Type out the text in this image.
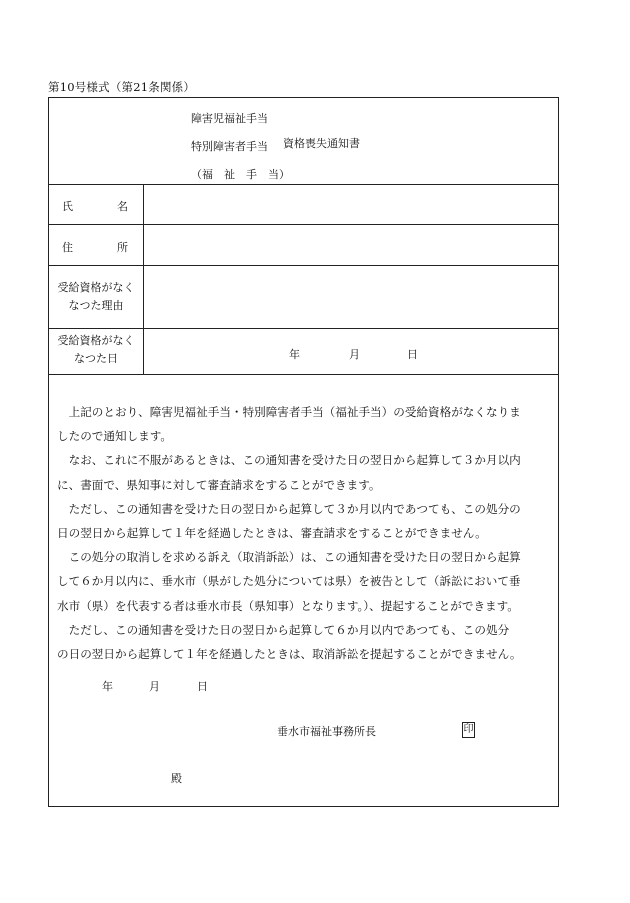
第10号様式（第21条関係）
障害児福祉手当
特別障害者手当
（福　祉　手　当）
資格喪失通知書
氏　　　　名
住　　　　所
受給資格がなく
なつた理由
受給資格がなく
なつた日	年	月	日

上記のとおり、障害児福祉手当・特別障害者手当（福祉手当）の受給資格がなくなりま

したので通知します。

なお、これに不服があるときは、この通知書を受けた日の翌日から起算して３か月以内

に、書面で、県知事に対して審査請求をすることができます。

ただし、この通知書を受けた日の翌日から起算して３か月以内であつても、この処分の

日の翌日から起算して１年を経過したときは、審査請求をすることができません。

この処分の取消しを求める訴え（取消訴訟）は、この通知書を受けた日の翌日から起算

して６か月以内に、垂水市（県がした処分については県）を被告として（訴訟において垂

水市（県）を代表する者は垂水市長（県知事）となります。）、提起することができます。

ただし、この通知書を受けた日の翌日から起算して６か月以内であつても、この処分

の日の翌日から起算して１年を経過したときは、取消訴訟を提起することができません。

年	月	日
垂水市福祉事務所長	印
殿
